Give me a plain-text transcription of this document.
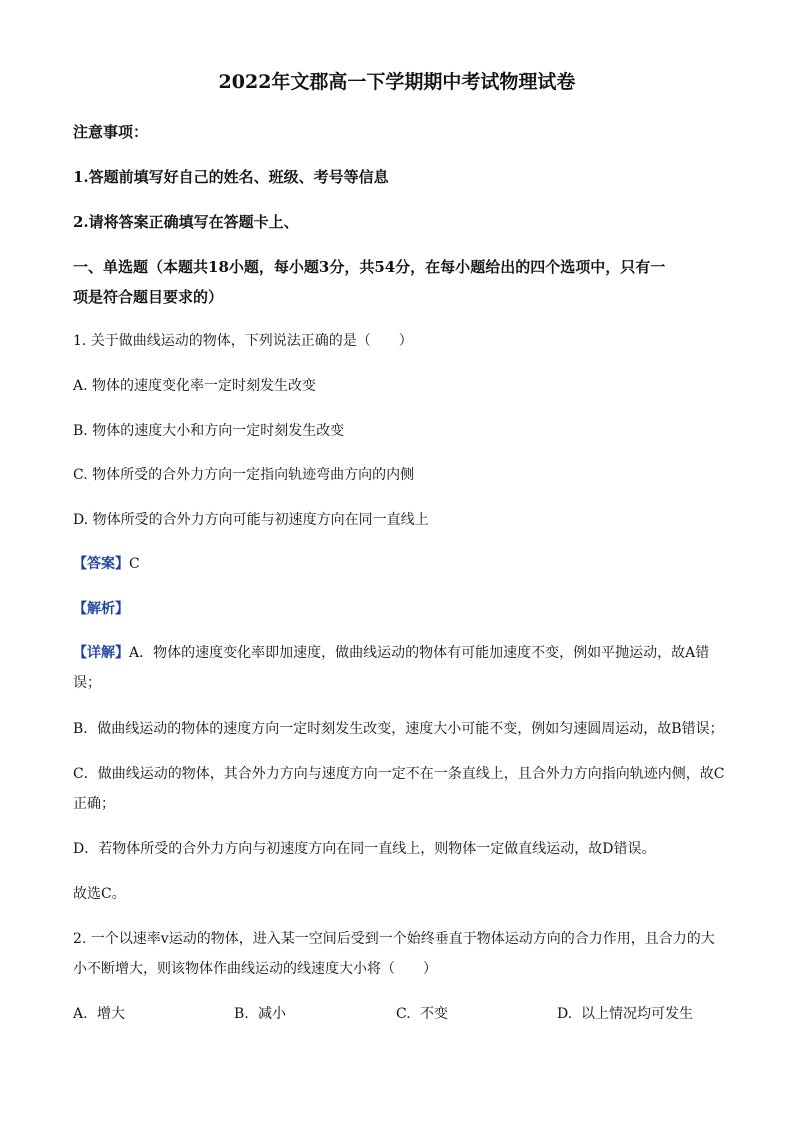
2022年文郡高一下学期期中考试物理试卷
注意事项：
1.答题前填写好自己的姓名、班级、考号等信息
2.请将答案正确填写在答题卡上、
一、单选题（本题共18小题，每小题3分，共54分，在每小题给出的四个选项中，只有一
项是符合题目要求的）
1. 关于做曲线运动的物体，下列说法正确的是（　　）
A. 物体的速度变化率一定时刻发生改变
B. 物体的速度大小和方向一定时刻发生改变
C. 物体所受的合外力方向一定指向轨迹弯曲方向的内侧
D. 物体所受的合外力方向可能与初速度方向在同一直线上
【答案】C
【解析】
【详解】A．物体的速度变化率即加速度，做曲线运动的物体有可能加速度不变，例如平抛运动，故A错
误；
B．做曲线运动的物体的速度方向一定时刻发生改变，速度大小可能不变，例如匀速圆周运动，故B错误；
C．做曲线运动的物体，其合外力方向与速度方向一定不在一条直线上，且合外力方向指向轨迹内侧，故C
正确；
D．若物体所受的合外力方向与初速度方向在同一直线上，则物体一定做直线运动，故D错误。
故选C。
2. 一个以速率v运动的物体，进入某一空间后受到一个始终垂直于物体运动方向的合力作用，且合力的大
小不断增大，则该物体作曲线运动的线速度大小将（　　）
A. 增大	B. 减小	C. 不变	D. 以上情况均可发生
